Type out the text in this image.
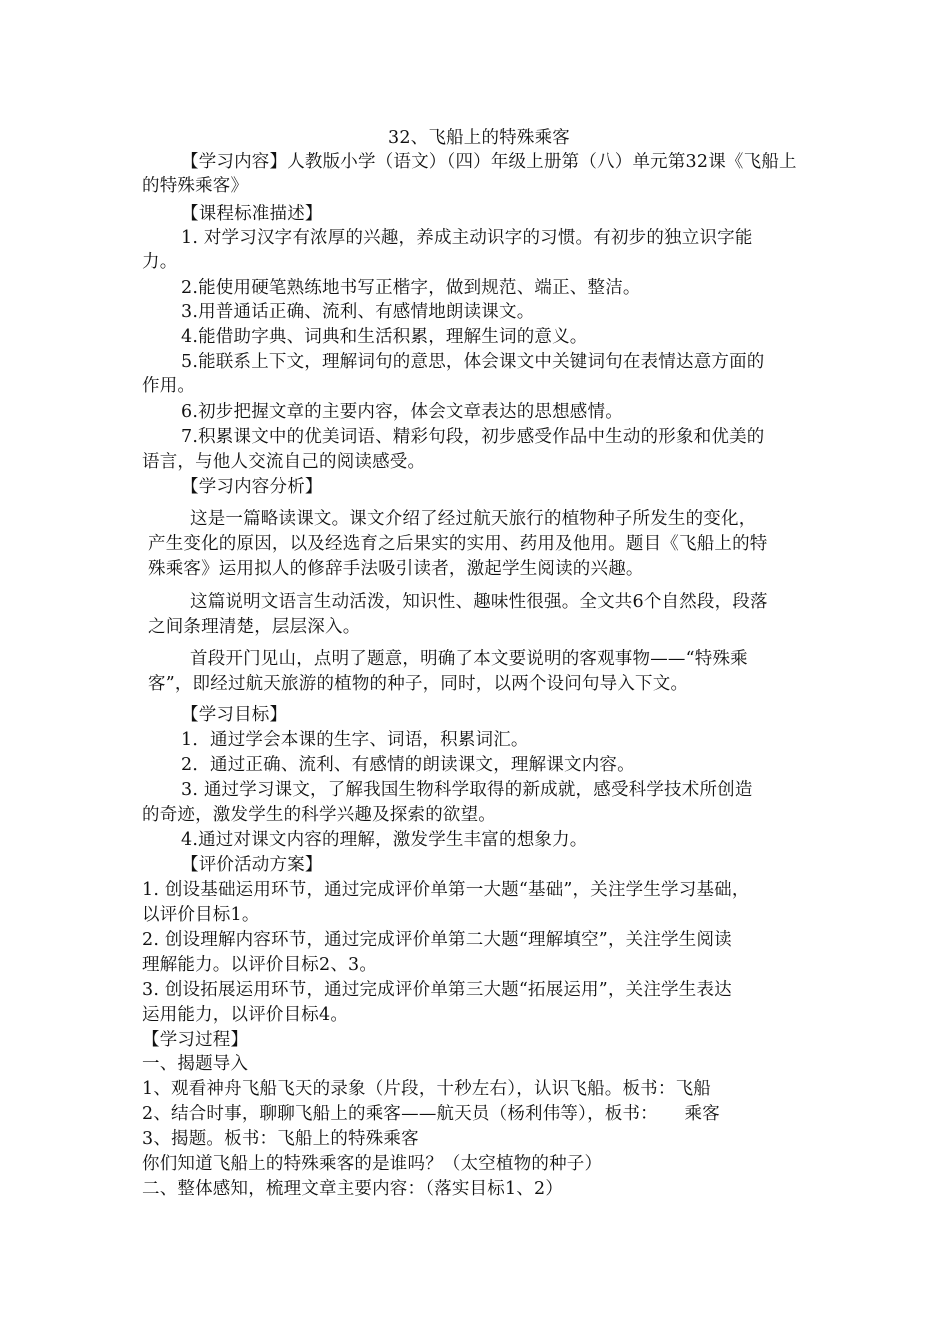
32、飞船上的特殊乘客
【学习内容】人教版小学（语文）（四）年级上册第（八）单元第32课《飞船上
的特殊乘客》
【课程标准描述】
1. 对学习汉字有浓厚的兴趣，养成主动识字的习惯。有初步的独立识字能
力。
2.能使用硬笔熟练地书写正楷字，做到规范、端正、整洁。
3.用普通话正确、流利、有感情地朗读课文。
4.能借助字典、词典和生活积累，理解生词的意义。
5.能联系上下文，理解词句的意思，体会课文中关键词句在表情达意方面的
作用。
6.初步把握文章的主要内容，体会文章表达的思想感情。
7.积累课文中的优美词语、精彩句段，初步感受作品中生动的形象和优美的
语言，与他人交流自己的阅读感受。
【学习内容分析】
这是一篇略读课文。课文介绍了经过航天旅行的植物种子所发生的变化，
产生变化的原因，以及经选育之后果实的实用、药用及他用。题目《飞船上的特
殊乘客》运用拟人的修辞手法吸引读者，激起学生阅读的兴趣。
这篇说明文语言生动活泼，知识性、趣味性很强。全文共6个自然段，段落
之间条理清楚，层层深入。
首段开门见山，点明了题意，明确了本文要说明的客观事物——“特殊乘
客”，即经过航天旅游的植物的种子，同时，以两个设问句导入下文。
【学习目标】
1．通过学会本课的生字、词语，积累词汇。
2．通过正确、流利、有感情的朗读课文，理解课文内容。
3. 通过学习课文，了解我国生物科学取得的新成就，感受科学技术所创造
的奇迹，激发学生的科学兴趣及探索的欲望。
4.通过对课文内容的理解，激发学生丰富的想象力。
【评价活动方案】
1. 创设基础运用环节，通过完成评价单第一大题“基础”，关注学生学习基础，
以评价目标1。
2. 创设理解内容环节，通过完成评价单第二大题“理解填空”，关注学生阅读
理解能力。以评价目标2、3。
3. 创设拓展运用环节，通过完成评价单第三大题“拓展运用”，关注学生表达
运用能力，以评价目标4。
【学习过程】
一、揭题导入
1、观看神舟飞船飞天的录象（片段，十秒左右），认识飞船。板书：飞船
2、结合时事，聊聊飞船上的乘客——航天员（杨利伟等），板书：　　乘客
3、揭题。板书：飞船上的特殊乘客
你们知道飞船上的特殊乘客的是谁吗？（太空植物的种子）
二、整体感知，梳理文章主要内容：（落实目标1、2）
